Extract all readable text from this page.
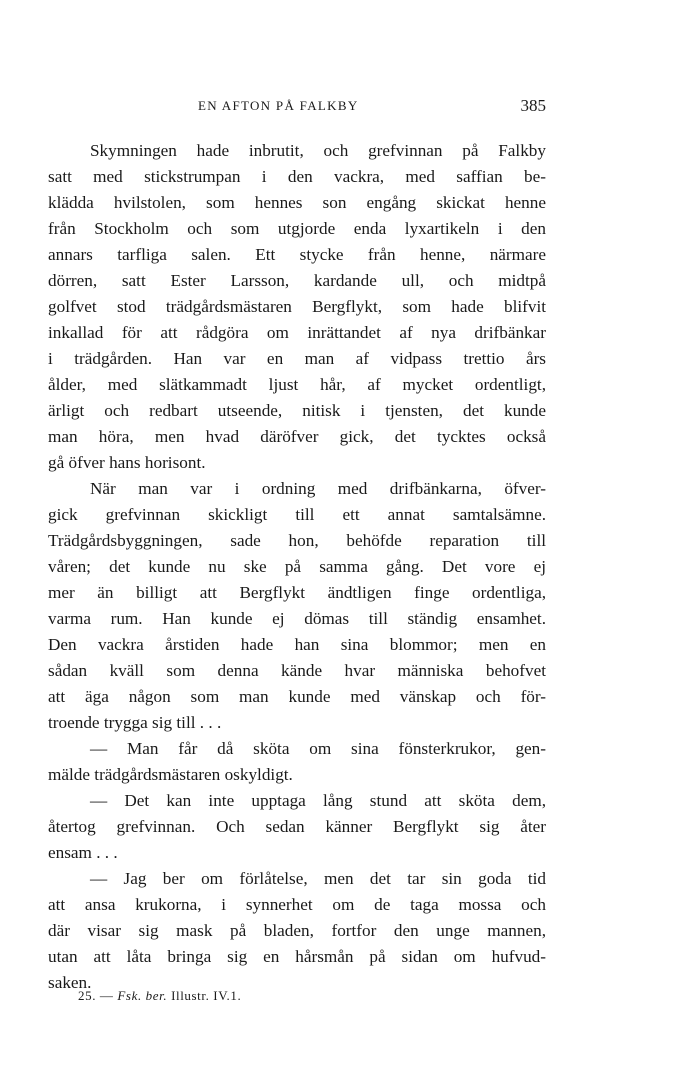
EN AFTON PÅ FALKBY	385
Skymningen hade inbrutit, och grefvinnan på Falkby
satt med stickstrumpan i den vackra, med saffian be-
klädda hvilstolen, som hennes son engång skickat henne
från Stockholm och som utgjorde enda lyxartikeln i den
annars tarfliga salen. Ett stycke från henne, närmare
dörren, satt Ester Larsson, kardande ull, och midtpå
golfvet stod trädgårdsmästaren Bergflykt, som hade blifvit
inkallad för att rådgöra om inrättandet af nya drifbänkar
i trädgården. Han var en man af vidpass trettio års
ålder, med slätkammadt ljust hår, af mycket ordentligt,
ärligt och redbart utseende, nitisk i tjensten, det kunde
man höra, men hvad däröfver gick, det tycktes också
gå öfver hans horisont.
När man var i ordning med drifbänkarna, öfver-
gick grefvinnan skickligt till ett annat samtalsämne.
Trädgårdsbyggningen, sade hon, behöfde reparation till
våren; det kunde nu ske på samma gång. Det vore ej
mer än billigt att Bergflykt ändtligen finge ordentliga,
varma rum. Han kunde ej dömas till ständig ensamhet.
Den vackra årstiden hade han sina blommor; men en
sådan kväll som denna kände hvar människa behofvet
att äga någon som man kunde med vänskap och för-
troende trygga sig till . . .
— Man får då sköta om sina fönsterkrukor, gen-
mälde trädgårdsmästaren oskyldigt.
— Det kan inte upptaga lång stund att sköta dem,
återtog grefvinnan. Och sedan känner Bergflykt sig åter
ensam . . .
— Jag ber om förlåtelse, men det tar sin goda tid
att ansa krukorna, i synnerhet om de taga mossa och
där visar sig mask på bladen, fortfor den unge mannen,
utan att låta bringa sig en hårsmån på sidan om hufvud-
saken.
25. — Fsk. ber. Illustr. IV.1.
